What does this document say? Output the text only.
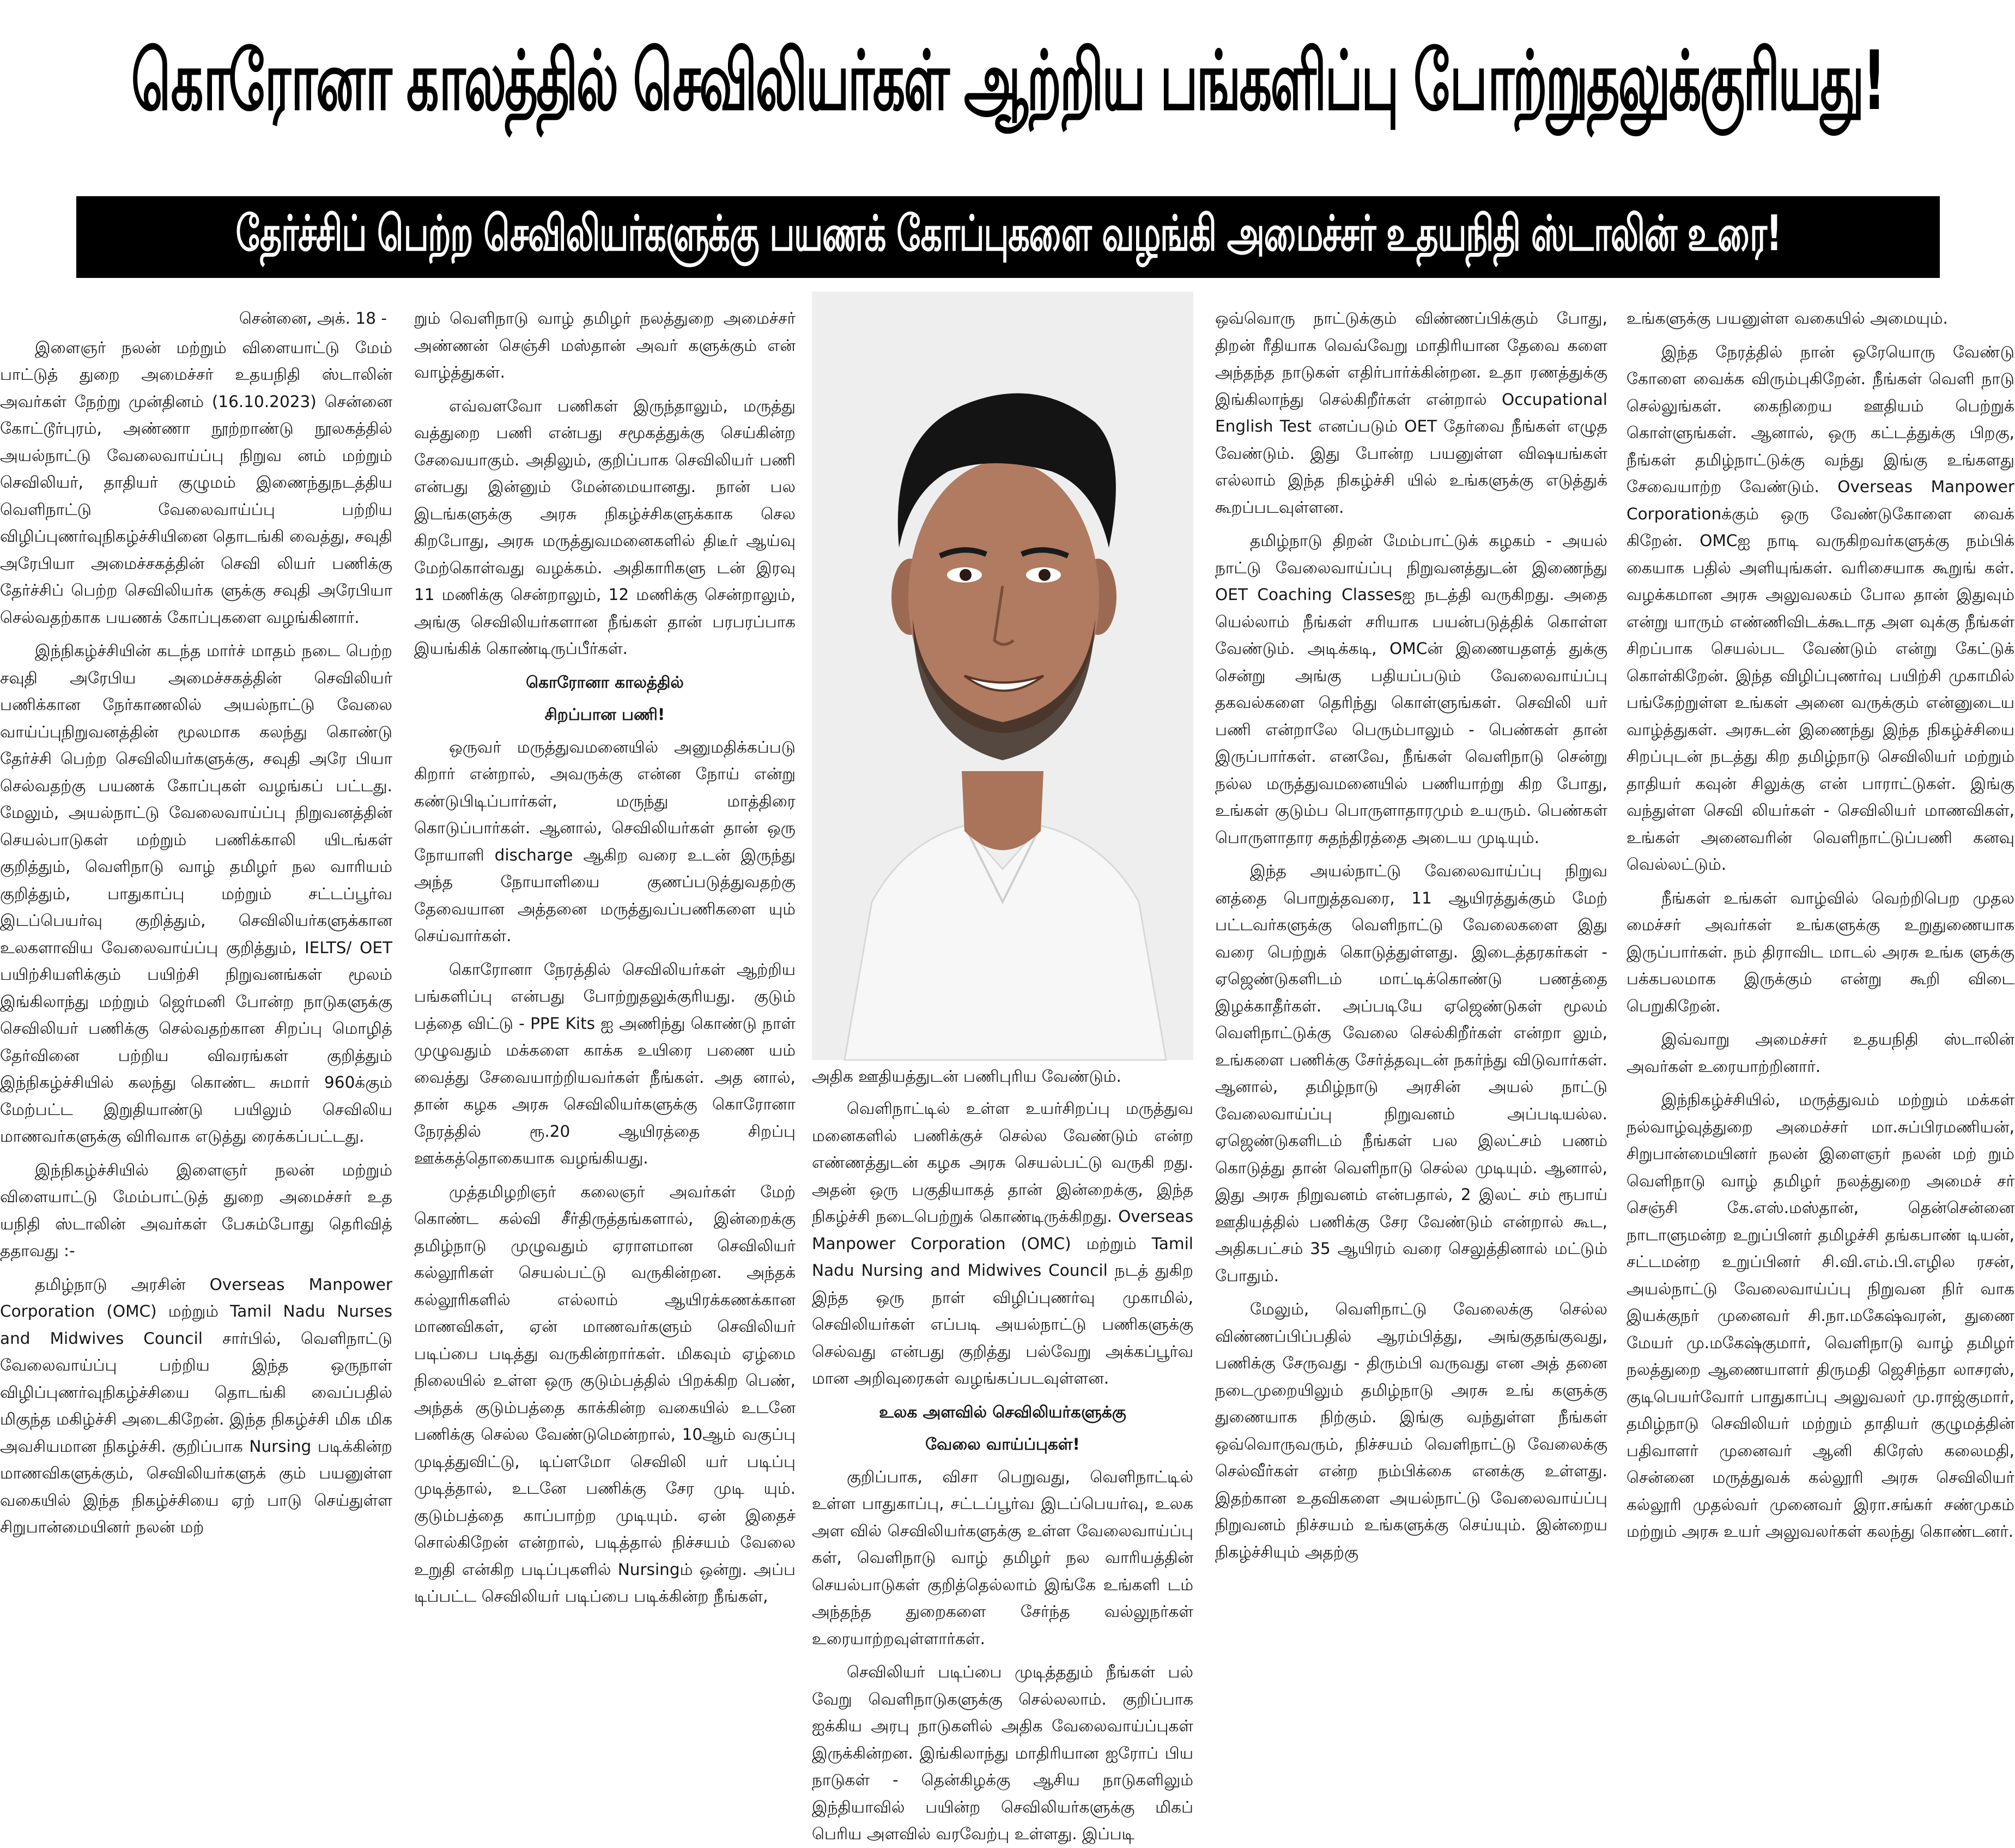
கொரோனா காலத்தில் செவிலியர்கள் ஆற்றிய பங்களிப்பு போற்றுதலுக்குரியது!
தேர்ச்சிப் பெற்ற செவிலியர்களுக்கு பயணக் கோப்புகளை வழங்கி அமைச்சர் உதயநிதி ஸ்டாலின் உரை!
சென்னை, அக். 18 -

இளைஞர் நலன் மற்றும் விளையாட்டு மேம் பாட்டுத் துறை அமைச்சர் உதயநிதி ஸ்டாலின் அவர்கள் நேற்று முன்தினம் (16.10.2023) சென்னை கோட்டூர்புரம், அண்ணா நூற்றாண்டு நூலகத்தில் அயல்நாட்டு வேலைவாய்ப்பு நிறுவ னம் மற்றும் செவிலியர், தாதியர் குழுமம் இணைந்துநடத்திய வெளிநாட்டு வேலைவாய்ப்பு பற்றிய விழிப்புணர்வுநிகழ்ச்சியினை தொடங்கி வைத்து, சவுதி அரேபியா அமைச்சகத்தின் செவி லியர் பணிக்கு தேர்ச்சிப் பெற்ற செவிலியர்க ளுக்கு சவுதி அரேபியா செல்வதற்காக பயணக் கோப்புகளை வழங்கினார்.

இந்நிகழ்ச்சியின் கடந்த மார்ச் மாதம் நடை பெற்ற சவுதி அரேபிய அமைச்சகத்தின் செவிலியர் பணிக்கான நேர்காணலில் அயல்நாட்டு வேலை வாய்ப்புநிறுவனத்தின் மூலமாக கலந்து கொண்டு தேர்ச்சி பெற்ற செவிலியர்களுக்கு, சவுதி அரே பியா செல்வதற்கு பயணக் கோப்புகள் வழங்கப் பட்டது. மேலும், அயல்நாட்டு வேலைவாய்ப்பு நிறுவனத்தின் செயல்பாடுகள் மற்றும் பணிக்காலி யிடங்கள் குறித்தும், வெளிநாடு வாழ் தமிழர் நல வாரியம் குறித்தும், பாதுகாப்பு மற்றும் சட்டப்பூர்வ இடப்பெயர்வு குறித்தும், செவிலியர்களுக்கான உலகளாவிய வேலைவாய்ப்பு குறித்தும், IELTS/ OET பயிற்சியளிக்கும் பயிற்சி நிறுவனங்கள் மூலம் இங்கிலாந்து மற்றும் ஜெர்மனி போன்ற நாடுகளுக்கு செவிலியர் பணிக்கு செல்வதற்கான சிறப்பு மொழித் தேர்வினை பற்றிய விவரங்கள் குறித்தும் இந்நிகழ்ச்சியில் கலந்து கொண்ட சுமார் 960க்கும் மேற்பட்ட இறுதியாண்டு பயிலும் செவிலிய மாணவர்களுக்கு விரிவாக எடுத்து ரைக்கப்பட்டது.

இந்நிகழ்ச்சியில் இளைஞர் நலன் மற்றும் விளையாட்டு மேம்பாட்டுத் துறை அமைச்சர் உத யநிதி ஸ்டாலின் அவர்கள் பேசும்போது தெரிவித் ததாவது :-

தமிழ்நாடு அரசின் Overseas Manpower Corporation (OMC) மற்றும் Tamil Nadu Nurses and Midwives Council சார்பில், வெளிநாட்டு வேலைவாய்ப்பு பற்றிய இந்த ஒருநாள் விழிப்புணர்வுநிகழ்ச்சியை தொடங்கி வைப்பதில் மிகுந்த மகிழ்ச்சி அடைகிறேன். இந்த நிகழ்ச்சி மிக மிக அவசியமான நிகழ்ச்சி. குறிப்பாக Nursing படிக்கின்ற மாணவிகளுக்கும், செவிலியர்களுக் கும் பயனுள்ள வகையில் இந்த நிகழ்ச்சியை ஏற் பாடு செய்துள்ள சிறுபான்மையினர் நலன் மற்

றும் வெளிநாடு வாழ் தமிழர் நலத்துறை அமைச்சர் அண்ணன் செஞ்சி மஸ்தான் அவர் களுக்கும் என் வாழ்த்துகள்.

எவ்வளவோ பணிகள் இருந்தாலும், மருத்து வத்துறை பணி என்பது சமூகத்துக்கு செய்கின்ற சேவையாகும். அதிலும், குறிப்பாக செவிலியர் பணி என்பது இன்னும் மேன்மையானது. நான் பல இடங்களுக்கு அரசு நிகழ்ச்சிகளுக்காக செல கிறபோது, அரசு மருத்துவமனைகளில் திடீர் ஆய்வு மேற்கொள்வது வழக்கம். அதிகாரிகளு டன் இரவு 11 மணிக்கு சென்றாலும், 12 மணிக்கு சென்றாலும், அங்கு செவிலியர்களான நீங்கள் தான் பரபரப்பாக இயங்கிக் கொண்டிருப்பீர்கள்.

கொரோனா காலத்தில்

சிறப்பான பணி!

ஒருவர் மருத்துவமனையில் அனுமதிக்கப்படு கிறார் என்றால், அவருக்கு என்ன நோய் என்று கண்டுபிடிப்பார்கள், மருந்து மாத்திரை கொடுப்பார்கள். ஆனால், செவிலியர்கள் தான் ஒரு நோயாளி discharge ஆகிற வரை உடன் இருந்து அந்த நோயாளியை குணப்படுத்துவதற்கு தேவையான அத்தனை மருத்துவப்பணிகளை யும் செய்வார்கள்.

கொரோனா நேரத்தில் செவிலியர்கள் ஆற்றிய பங்களிப்பு என்பது போற்றுதலுக்குரியது. குடும் பத்தை விட்டு - PPE Kits ஐ அணிந்து கொண்டு நாள் முழுவதும் மக்களை காக்க உயிரை பணை யம் வைத்து சேவையாற்றியவர்கள் நீங்கள். அத னால், தான் கழக அரசு செவிலியர்களுக்கு கொரோனா நேரத்தில் ரூ.20 ஆயிரத்தை சிறப்பு ஊக்கத்தொகையாக வழங்கியது.

முத்தமிழறிஞர் கலைஞர் அவர்கள் மேற் கொண்ட கல்வி சீர்திருத்தங்களால், இன்றைக்கு தமிழ்நாடு முழுவதும் ஏராளமான செவிலியர் கல்லூரிகள் செயல்பட்டு வருகின்றன. அந்தக் கல்லூரிகளில் எல்லாம் ஆயிரக்கணக்கான மாணவிகள், ஏன் மாணவர்களும் செவிலியர் படிப்பை படித்து வருகின்றார்கள். மிகவும் ஏழ்மை நிலையில் உள்ள ஒரு குடும்பத்தில் பிறக்கிற பெண், அந்தக் குடும்பத்தை காக்கின்ற வகையில் உடனே பணிக்கு செல்ல வேண்டுமென்றால், 10ஆம் வகுப்பு முடித்துவிட்டு, டிப்ளமோ செவிலி யர் படிப்பு முடித்தால், உடனே பணிக்கு சேர முடி யும். குடும்பத்தை காப்பாற்ற முடியும். ஏன் இதைச் சொல்கிறேன் என்றால், படித்தால் நிச்சயம் வேலை உறுதி என்கிற படிப்புகளில் Nursingம் ஒன்று. அப்ப டிப்பட்ட செவிலியர் படிப்பை படிக்கின்ற நீங்கள்,

அதிக ஊதியத்துடன் பணிபுரிய வேண்டும்.

வெளிநாட்டில் உள்ள உயர்சிறப்பு மருத்துவ மனைகளில் பணிக்குச் செல்ல வேண்டும் என்ற எண்ணத்துடன் கழக அரசு செயல்பட்டு வருகி றது. அதன் ஒரு பகுதியாகத் தான் இன்றைக்கு, இந்த நிகழ்ச்சி நடைபெற்றுக் கொண்டிருக்கிறது. Overseas Manpower Corporation (OMC) மற்றும் Tamil Nadu Nursing and Midwives Council நடத் துகிற இந்த ஒரு நாள் விழிப்புணர்வு முகாமில், செவிலியர்கள் எப்படி அயல்நாட்டு பணிகளுக்கு செல்வது என்பது குறித்து பல்வேறு அக்கப்பூர்வ மான அறிவுரைகள் வழங்கப்படவுள்ளன.

உலக அளவில் செவிலியர்களுக்கு

வேலை வாய்ப்புகள்!

குறிப்பாக, விசா பெறுவது, வெளிநாட்டில் உள்ள பாதுகாப்பு, சட்டப்பூர்வ இடப்பெயர்வு, உலக அள வில் செவிலியர்களுக்கு உள்ள வேலைவாய்ப்பு கள், வெளிநாடு வாழ் தமிழர் நல வாரியத்தின் செயல்பாடுகள் குறித்தெல்லாம் இங்கே உங்களி டம் அந்தந்த துறைகளை சேர்ந்த வல்லுநர்கள் உரையாற்றவுள்ளார்கள்.

செவிலியர் படிப்பை முடித்ததும் நீங்கள் பல் வேறு வெளிநாடுகளுக்கு செல்லலாம். குறிப்பாக ஐக்கிய அரபு நாடுகளில் அதிக வேலைவாய்ப்புகள் இருக்கின்றன. இங்கிலாந்து மாதிரியான ஐரோப் பிய நாடுகள் - தென்கிழக்கு ஆசிய நாடுகளிலும் இந்தியாவில் பயின்ற செவிலியர்களுக்கு மிகப் பெரிய அளவில் வரவேற்பு உள்ளது. இப்படி

ஒவ்வொரு நாட்டுக்கும் விண்ணப்பிக்கும் போது, திறன் ரீதியாக வெவ்வேறு மாதிரியான தேவை களை அந்தந்த நாடுகள் எதிர்பார்க்கின்றன. உதா ரணத்துக்கு இங்கிலாந்து செல்கிறீர்கள் என்றால் Occupational English Test எனப்படும் OET தேர்வை நீங்கள் எழுத வேண்டும். இது போன்ற பயனுள்ள விஷயங்கள் எல்லாம் இந்த நிகழ்ச்சி யில் உங்களுக்கு எடுத்துக் கூறப்படவுள்ளன.

தமிழ்நாடு திறன் மேம்பாட்டுக் கழகம் - அயல் நாட்டு வேலைவாய்ப்பு நிறுவனத்துடன் இணைந்து OET Coaching Classesஐ நடத்தி வருகிறது. அதை யெல்லாம் நீங்கள் சரியாக பயன்படுத்திக் கொள்ள வேண்டும். அடிக்கடி, OMCன் இணையதளத் துக்கு சென்று அங்கு பதியப்படும் வேலைவாய்ப்பு தகவல்களை தெரிந்து கொள்ளுங்கள். செவிலி யர் பணி என்றாலே பெரும்பாலும் - பெண்கள் தான் இருப்பார்கள். எனவே, நீங்கள் வெளிநாடு சென்று நல்ல மருத்துவமனையில் பணியாற்று கிற போது, உங்கள் குடும்ப பொருளாதாரமும் உயரும். பெண்கள் பொருளாதார சுதந்திரத்தை அடைய முடியும்.

இந்த அயல்நாட்டு வேலைவாய்ப்பு நிறுவ னத்தை பொறுத்தவரை, 11 ஆயிரத்துக்கும் மேற் பட்டவர்களுக்கு வெளிநாட்டு வேலைகளை இது வரை பெற்றுக் கொடுத்துள்ளது. இடைத்தரகர்கள் - ஏஜெண்டுகளிடம் மாட்டிக்கொண்டு பணத்தை இழக்காதீர்கள். அப்படியே ஏஜெண்டுகள் மூலம் வெளிநாட்டுக்கு வேலை செல்கிறீர்கள் என்றா லும், உங்களை பணிக்கு சேர்த்தவுடன் நகர்ந்து விடுவார்கள். ஆனால், தமிழ்நாடு அரசின் அயல் நாட்டு வேலைவாய்ப்பு நிறுவனம் அப்படியல்ல. ஏஜெண்டுகளிடம் நீங்கள் பல இலட்சம் பணம் கொடுத்து தான் வெளிநாடு செல்ல முடியும். ஆனால், இது அரசு நிறுவனம் என்பதால், 2 இலட் சம் ரூபாய் ஊதியத்தில் பணிக்கு சேர வேண்டும் என்றால் கூட, அதிகபட்சம் 35 ஆயிரம் வரை செலுத்தினால் மட்டும் போதும்.

மேலும், வெளிநாட்டு வேலைக்கு செல்ல விண்ணப்பிப்பதில் ஆரம்பித்து, அங்குதங்குவது, பணிக்கு சேருவது - திரும்பி வருவது என அத் தனை நடைமுறையிலும் தமிழ்நாடு அரசு உங் களுக்கு துணையாக நிற்கும். இங்கு வந்துள்ள நீங்கள் ஒவ்வொருவரும், நிச்சயம் வெளிநாட்டு வேலைக்கு செல்வீர்கள் என்ற நம்பிக்கை எனக்கு உள்ளது. இதற்கான உதவிகளை அயல்நாட்டு வேலைவாய்ப்பு நிறுவனம் நிச்சயம் உங்களுக்கு செய்யும். இன்றைய நிகழ்ச்சியும் அதற்கு

உங்களுக்கு பயனுள்ள வகையில் அமையும்.

இந்த நேரத்தில் நான் ஒரேயொரு வேண்டு கோளை வைக்க விரும்புகிறேன். நீங்கள் வெளி நாடு செல்லுங்கள். கைநிறைய ஊதியம் பெற்றுக் கொள்ளுங்கள். ஆனால், ஒரு கட்டத்துக்கு பிறகு, நீங்கள் தமிழ்நாட்டுக்கு வந்து இங்கு உங்களது சேவையாற்ற வேண்டும். Overseas Manpower Corporationக்கும் ஒரு வேண்டுகோளை வைக் கிறேன். OMCஐ நாடி வருகிறவர்களுக்கு நம்பிக் கையாக பதில் அளியுங்கள். வரிசையாக கூறுங் கள். வழக்கமான அரசு அலுவலகம் போல தான் இதுவும் என்று யாரும் எண்ணிவிடக்கூடாத அள வுக்கு நீங்கள் சிறப்பாக செயல்பட வேண்டும் என்று கேட்டுக் கொள்கிறேன். இந்த விழிப்புணர்வு பயிற்சி முகாமில் பங்கேற்றுள்ள உங்கள் அனை வருக்கும் என்னுடைய வாழ்த்துகள். அரசுடன் இணைந்து இந்த நிகழ்ச்சியை சிறப்புடன் நடத்து கிற தமிழ்நாடு செவிலியர் மற்றும் தாதியர் கவுன் சிலுக்கு என் பாராட்டுகள். இங்கு வந்துள்ள செவி லியர்கள் - செவிலியர் மாணவிகள், உங்கள் அனைவரின் வெளிநாட்டுப்பணி கனவு வெல்லட்டும்.

நீங்கள் உங்கள் வாழ்வில் வெற்றிபெற முதல மைச்சர் அவர்கள் உங்களுக்கு உறுதுணையாக இருப்பார்கள். நம் திராவிட மாடல் அரசு உங்க ளுக்கு பக்கபலமாக இருக்கும் என்று கூறி விடை பெறுகிறேன்.

இவ்வாறு அமைச்சர் உதயநிதி ஸ்டாலின் அவர்கள் உரையாற்றினார்.

இந்நிகழ்ச்சியில், மருத்துவம் மற்றும் மக்கள் நல்வாழ்வுத்துறை அமைச்சர் மா.சுப்பிரமணியன், சிறுபான்மையினர் நலன் இளைஞர் நலன் மற் றும் வெளிநாடு வாழ் தமிழர் நலத்துறை அமைச் சர் செஞ்சி கே.எஸ்.மஸ்தான், தென்சென்னை நாடாளுமன்ற உறுப்பினர் தமிழச்சி தங்கபாண் டியன், சட்டமன்ற உறுப்பினர் சி.வி.எம்.பி.எழில ரசன், அயல்நாட்டு வேலைவாய்ப்பு நிறுவன நிர் வாக இயக்குநர் முனைவர் சி.நா.மகேஷ்வரன், துணை மேயர் மு.மகேஷ்குமார், வெளிநாடு வாழ் தமிழர் நலத்துறை ஆணையாளர் திருமதி ஜெசிந்தா லாசரஸ், குடிபெயர்வோர் பாதுகாப்பு அலுவலர் மு.ராஜ்குமார், தமிழ்நாடு செவிலியர் மற்றும் தாதியர் குழுமத்தின் பதிவாளர் முனைவர் ஆனி கிரேஸ் கலைமதி, சென்னை மருத்துவக் கல்லூரி அரசு செவிலியர் கல்லூரி முதல்வர் முனைவர் இரா.சங்கர் சண்முகம் மற்றும் அரசு உயர் அலுவலர்கள் கலந்து கொண்டனர்.
